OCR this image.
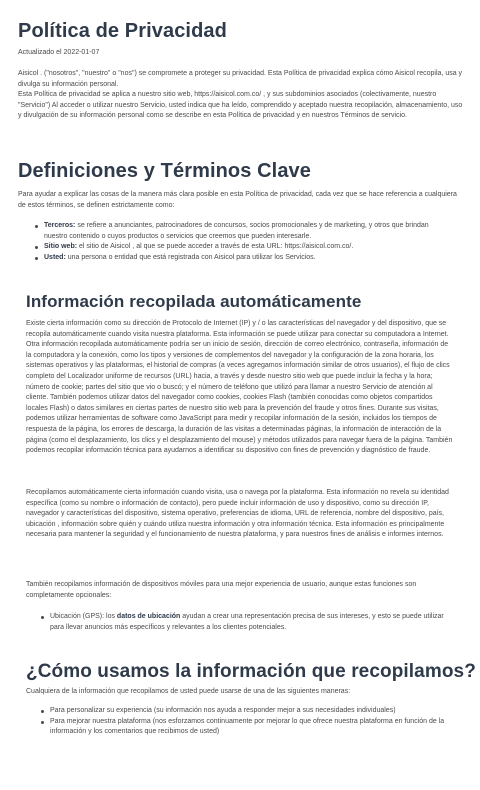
Política de Privacidad
Actualizado el 2022-01-07

Aisicol . ("nosotros", "nuestro" o "nos") se compromete a proteger su privacidad. Esta Política de privacidad explica cómo Aisicol recopila, usa y divulga su información personal.

Esta Política de privacidad se aplica a nuestro sitio web, https://aisicol.com.co/ , y sus subdominios asociados (colectivamente, nuestro "Servicio") Al acceder o utilizar nuestro Servicio, usted indica que ha leído, comprendido y aceptado nuestra recopilación, almacenamiento, uso y divulgación de su información personal como se describe en esta Política de privacidad y en nuestros Términos de servicio.

Definiciones y Términos Clave

Para ayudar a explicar las cosas de la manera más clara posible en esta Política de privacidad, cada vez que se hace referencia a cualquiera de estos términos, se definen estrictamente como:

Terceros: se refiere a anunciantes, patrocinadores de concursos, socios promocionales y de marketing, y otros que brindan nuestro contenido o cuyos productos o servicios que creemos que pueden interesarle.
Sitio web: el sitio de Aisicol , al que se puede acceder a través de esta URL: https://aisicol.com.co/.
Usted: una persona o entidad que está registrada con Aisicol para utilizar los Servicios.
Información recopilada automáticamente

Existe cierta información como su dirección de Protocolo de Internet (IP) y / o las características del navegador y del dispositivo, que se recopila automáticamente cuando visita nuestra plataforma. Esta información se puede utilizar para conectar su computadora a Internet. Otra información recopilada automáticamente podría ser un inicio de sesión, dirección de correo electrónico, contraseña, información de la computadora y la conexión, como los tipos y versiones de complementos del navegador y la configuración de la zona horaria, los sistemas operativos y las plataformas, el historial de compras (a veces agregamos información similar de otros usuarios), el flujo de clics completo del Localizador uniforme de recursos (URL) hacia, a través y desde nuestro sitio web que puede incluir la fecha y la hora; número de cookie; partes del sitio que vio o buscó; y el número de teléfono que utilizó para llamar a nuestro Servicio de atención al cliente. También podemos utilizar datos del navegador como cookies, cookies Flash (también conocidas como objetos compartidos locales Flash) o datos similares en ciertas partes de nuestro sitio web para la prevención del fraude y otros fines. Durante sus visitas, podemos utilizar herramientas de software como JavaScript para medir y recopilar información de la sesión, incluidos los tiempos de respuesta de la página, los errores de descarga, la duración de las visitas a determinadas páginas, la información de interacción de la página (como el desplazamiento, los clics y el desplazamiento del mouse) y métodos utilizados para navegar fuera de la página. También podemos recopilar información técnica para ayudarnos a identificar su dispositivo con fines de prevención y diagnóstico de fraude.

Recopilamos automáticamente cierta información cuando visita, usa o navega por la plataforma. Esta información no revela su identidad específica (como su nombre o información de contacto), pero puede incluir información de uso y dispositivo, como su dirección IP, navegador y características del dispositivo, sistema operativo, preferencias de idioma, URL de referencia, nombre del dispositivo, país, ubicación , información sobre quién y cuándo utiliza nuestra información y otra información técnica. Esta información es principalmente necesaria para mantener la seguridad y el funcionamiento de nuestra plataforma, y para nuestros fines de análisis e informes internos.

También recopilamos información de dispositivos móviles para una mejor experiencia de usuario, aunque estas funciones son completamente opcionales:

Ubicación (GPS): los datos de ubicación ayudan a crear una representación precisa de sus intereses, y esto se puede utilizar para llevar anuncios más específicos y relevantes a los clientes potenciales.
¿Cómo usamos la información que recopilamos?

Cualquiera de la información que recopilamos de usted puede usarse de una de las siguientes maneras:

Para personalizar su experiencia (su información nos ayuda a responder mejor a sus necesidades individuales)
Para mejorar nuestra plataforma (nos esforzamos continuamente por mejorar lo que ofrece nuestra plataforma en función de la información y los comentarios que recibimos de usted)
